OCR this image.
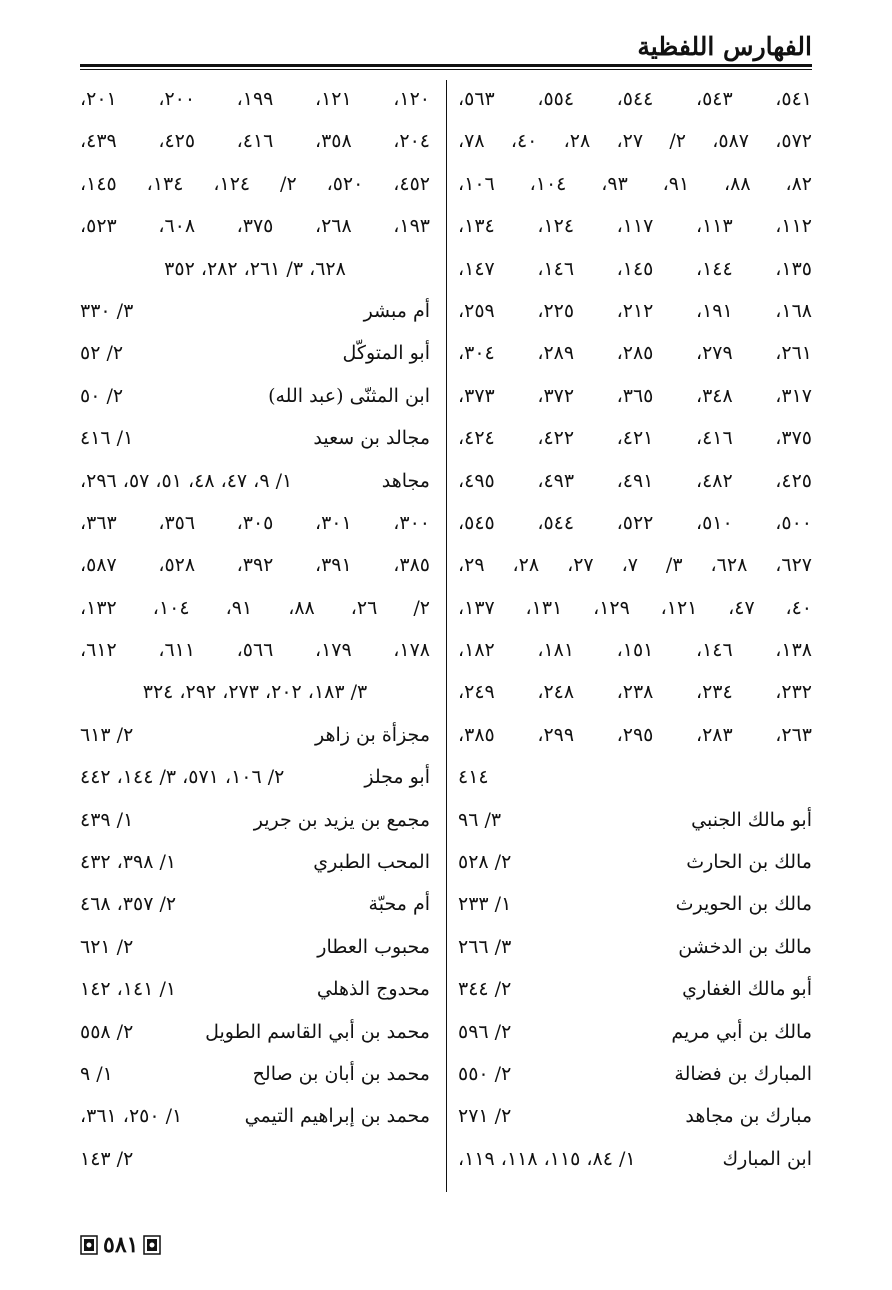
الفهارس اللفظية
٥٤١، ٥٤٣، ٥٤٤، ٥٥٤، ٥٦٣،
٥٧٢، ٥٨٧، ٢/ ٢٧، ٢٨، ٤٠، ٧٨،
٨٢، ٨٨، ٩١، ٩٣، ١٠٤، ١٠٦،
١١٢، ١١٣، ١١٧، ١٢٤، ١٣٤،
١٣٥، ١٤٤، ١٤٥، ١٤٦، ١٤٧،
١٦٨، ١٩١، ٢١٢، ٢٢٥، ٢٥٩،
٢٦١، ٢٧٩، ٢٨٥، ٢٨٩، ٣٠٤،
٣١٧، ٣٤٨، ٣٦٥، ٣٧٢، ٣٧٣،
٣٧٥، ٤١٦، ٤٢١، ٤٢٢، ٤٢٤،
٤٢٥، ٤٨٢، ٤٩١، ٤٩٣، ٤٩٥،
٥٠٠، ٥١٠، ٥٢٢، ٥٤٤، ٥٤٥،
٦٢٧، ٦٢٨، ٣/ ٧، ٢٧، ٢٨، ٢٩،
٤٠، ٤٧، ١٢١، ١٢٩، ١٣١، ١٣٧،
١٣٨، ١٤٦، ١٥١، ١٨١، ١٨٢،
٢٣٢، ٢٣٤، ٢٣٨، ٢٤٨، ٢٤٩،
٢٦٣، ٢٨٣، ٢٩٥، ٢٩٩، ٣٨٥،
٤١٤
أبو مالك الجنبي
٣/ ٩٦
مالك بن الحارث
٢/ ٥٢٨
مالك بن الحويرث
١/ ٢٣٣
مالك بن الدخشن
٣/ ٢٦٦
أبو مالك الغفاري
٢/ ٣٤٤
مالك بن أبي مريم
٢/ ٥٩٦
المبارك بن فضالة
٢/ ٥٥٠
مبارك بن مجاهد
٢/ ٢٧١
ابن المبارك
١/ ٨٤، ١١٥، ١١٨، ١١٩،
١٢٠، ١٢١، ١٩٩، ٢٠٠، ٢٠١،
٢٠٤، ٣٥٨، ٤١٦، ٤٢٥، ٤٣٩،
٤٥٢، ٥٢٠، ٢/ ١٢٤، ١٣٤، ١٤٥،
١٩٣، ٢٦٨، ٣٧٥، ٦٠٨، ٥٢٣،
٦٢٨، ٣/ ٢٦١، ٢٨٢، ٣٥٢
أم مبشر
٣/ ٣٣٠
أبو المتوكّل
٢/ ٥٢
ابن المثنّى (عبد الله)
٢/ ٥٠
مجالد بن سعيد
١/ ٤١٦
مجاهد
١/ ٩، ٤٧، ٤٨، ٥١، ٥٧، ٢٩٦،
٣٠٠، ٣٠١، ٣٠٥، ٣٥٦، ٣٦٣،
٣٨٥، ٣٩١، ٣٩٢، ٥٢٨، ٥٨٧،
٢/ ٢٦، ٨٨، ٩١، ١٠٤، ١٣٢،
١٧٨، ١٧٩، ٥٦٦، ٦١١، ٦١٢،
٣/ ١٨٣، ٢٠٢، ٢٧٣، ٢٩٢، ٣٢٤
مجزأة بن زاهر
٢/ ٦١٣
أبو مجلز
٢/ ١٠٦، ٥٧١، ٣/ ١٤٤، ٤٤٢
مجمع بن يزيد بن جرير
١/ ٤٣٩
المحب الطبري
١/ ٣٩٨، ٤٣٢
أم محبّة
٢/ ٣٥٧، ٤٦٨
محبوب العطار
٢/ ٦٢١
محدوج الذهلي
١/ ١٤١، ١٤٢
محمد بن أبي القاسم الطويل
٢/ ٥٥٨
محمد بن أبان بن صالح
١/ ٩
محمد بن إبراهيم التيمي
١/ ٢٥٠، ٣٦١،
٢/ ١٤٣
٥٨١
